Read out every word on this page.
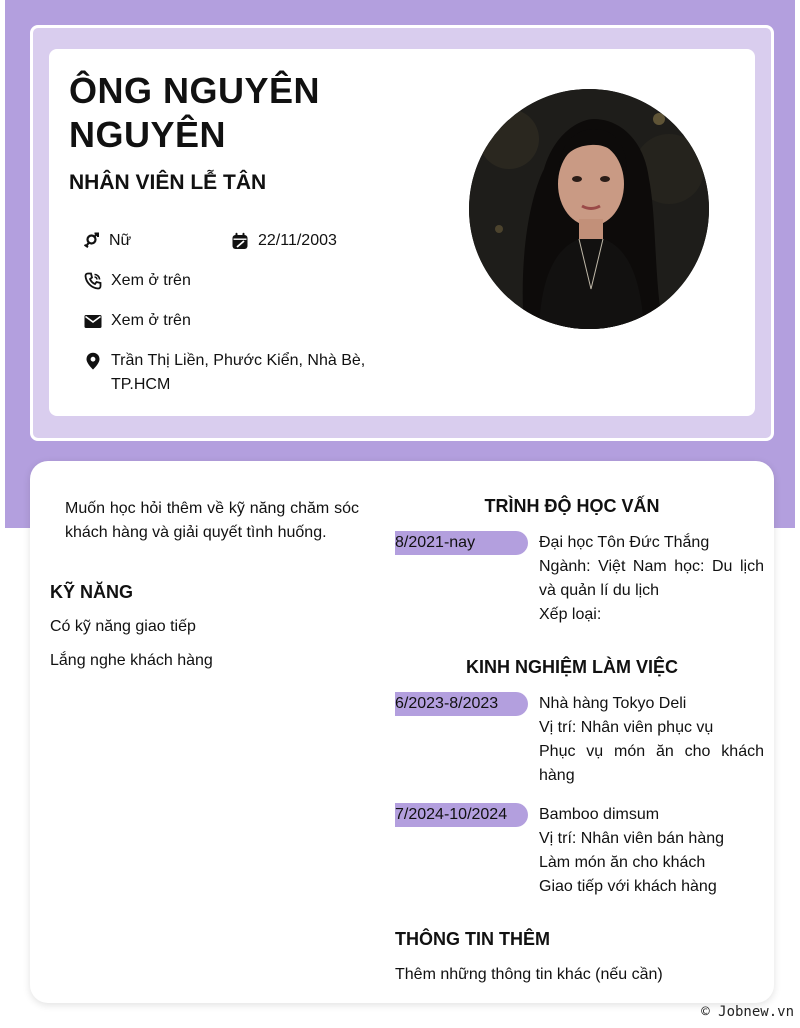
ÔNG NGUYÊN NGUYÊN
NHÂN VIÊN LỄ TÂN
Nữ	22/11/2003
Xem ở trên
Xem ở trên
Trần Thị Liền, Phước Kiển, Nhà Bè, TP.HCM
Muốn học hỏi thêm về kỹ năng chăm sóc khách hàng và giải quyết tình huống.
KỸ NĂNG
Có kỹ năng giao tiếp
Lắng nghe khách hàng
TRÌNH ĐỘ HỌC VẤN
8/2021-nay	Đại học Tôn Đức Thắng
Ngành: Việt Nam học: Du lịch và quản lí du lịch
Xếp loại:
KINH NGHIỆM LÀM VIỆC
6/2023-8/2023	Nhà hàng Tokyo Deli
Vị trí: Nhân viên phục vụ
Phục vụ món ăn cho khách hàng
7/2024-10/2024	Bamboo dimsum
Vị trí: Nhân viên bán hàng
Làm món ăn cho khách
Giao tiếp với khách hàng
THÔNG TIN THÊM
Thêm những thông tin khác (nếu cần)
© Jobnew.vn
